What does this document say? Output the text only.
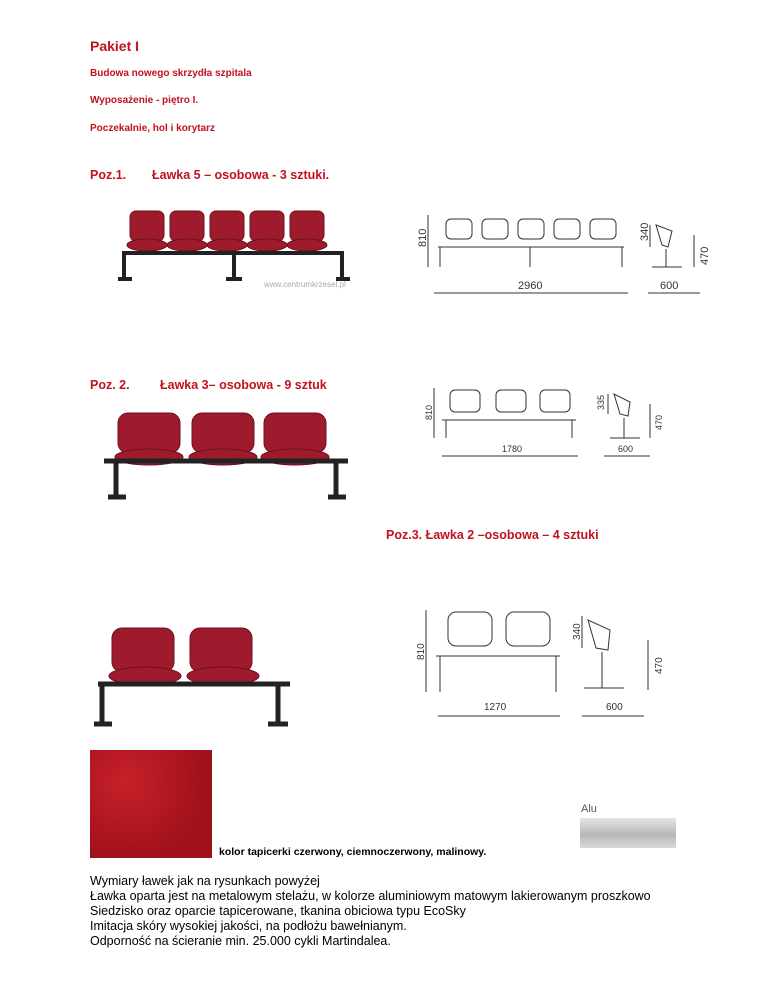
Pakiet I
Budowa nowego skrzydła szpitala
Wyposażenie - piętro I.
Poczekalnie, hol i korytarz
Poz.1. Ławka 5 – osobowa - 3 sztuki.
www.centrumkrzesel.pl
810	340
470
2960	600
Poz. 2. Ławka 3– osobowa - 9 sztuk
810
335
470
1780	600
Poz.3. Ławka 2 –osobowa – 4 sztuki
810
340
470
1270	600
Alu
kolor tapicerki czerwony, ciemnoczerwony, malinowy.
Wymiary ławek jak na rysunkach powyżej
Ławka oparta jest na metalowym stelażu, w kolorze aluminiowym matowym lakierowanym proszkowo
Siedzisko oraz oparcie tapicerowane, tkanina obiciowa typu EcoSky
Imitacja skóry wysokiej jakości, na podłożu bawełnianym.
Odporność na ścieranie min. 25.000 cykli Martindalea.
